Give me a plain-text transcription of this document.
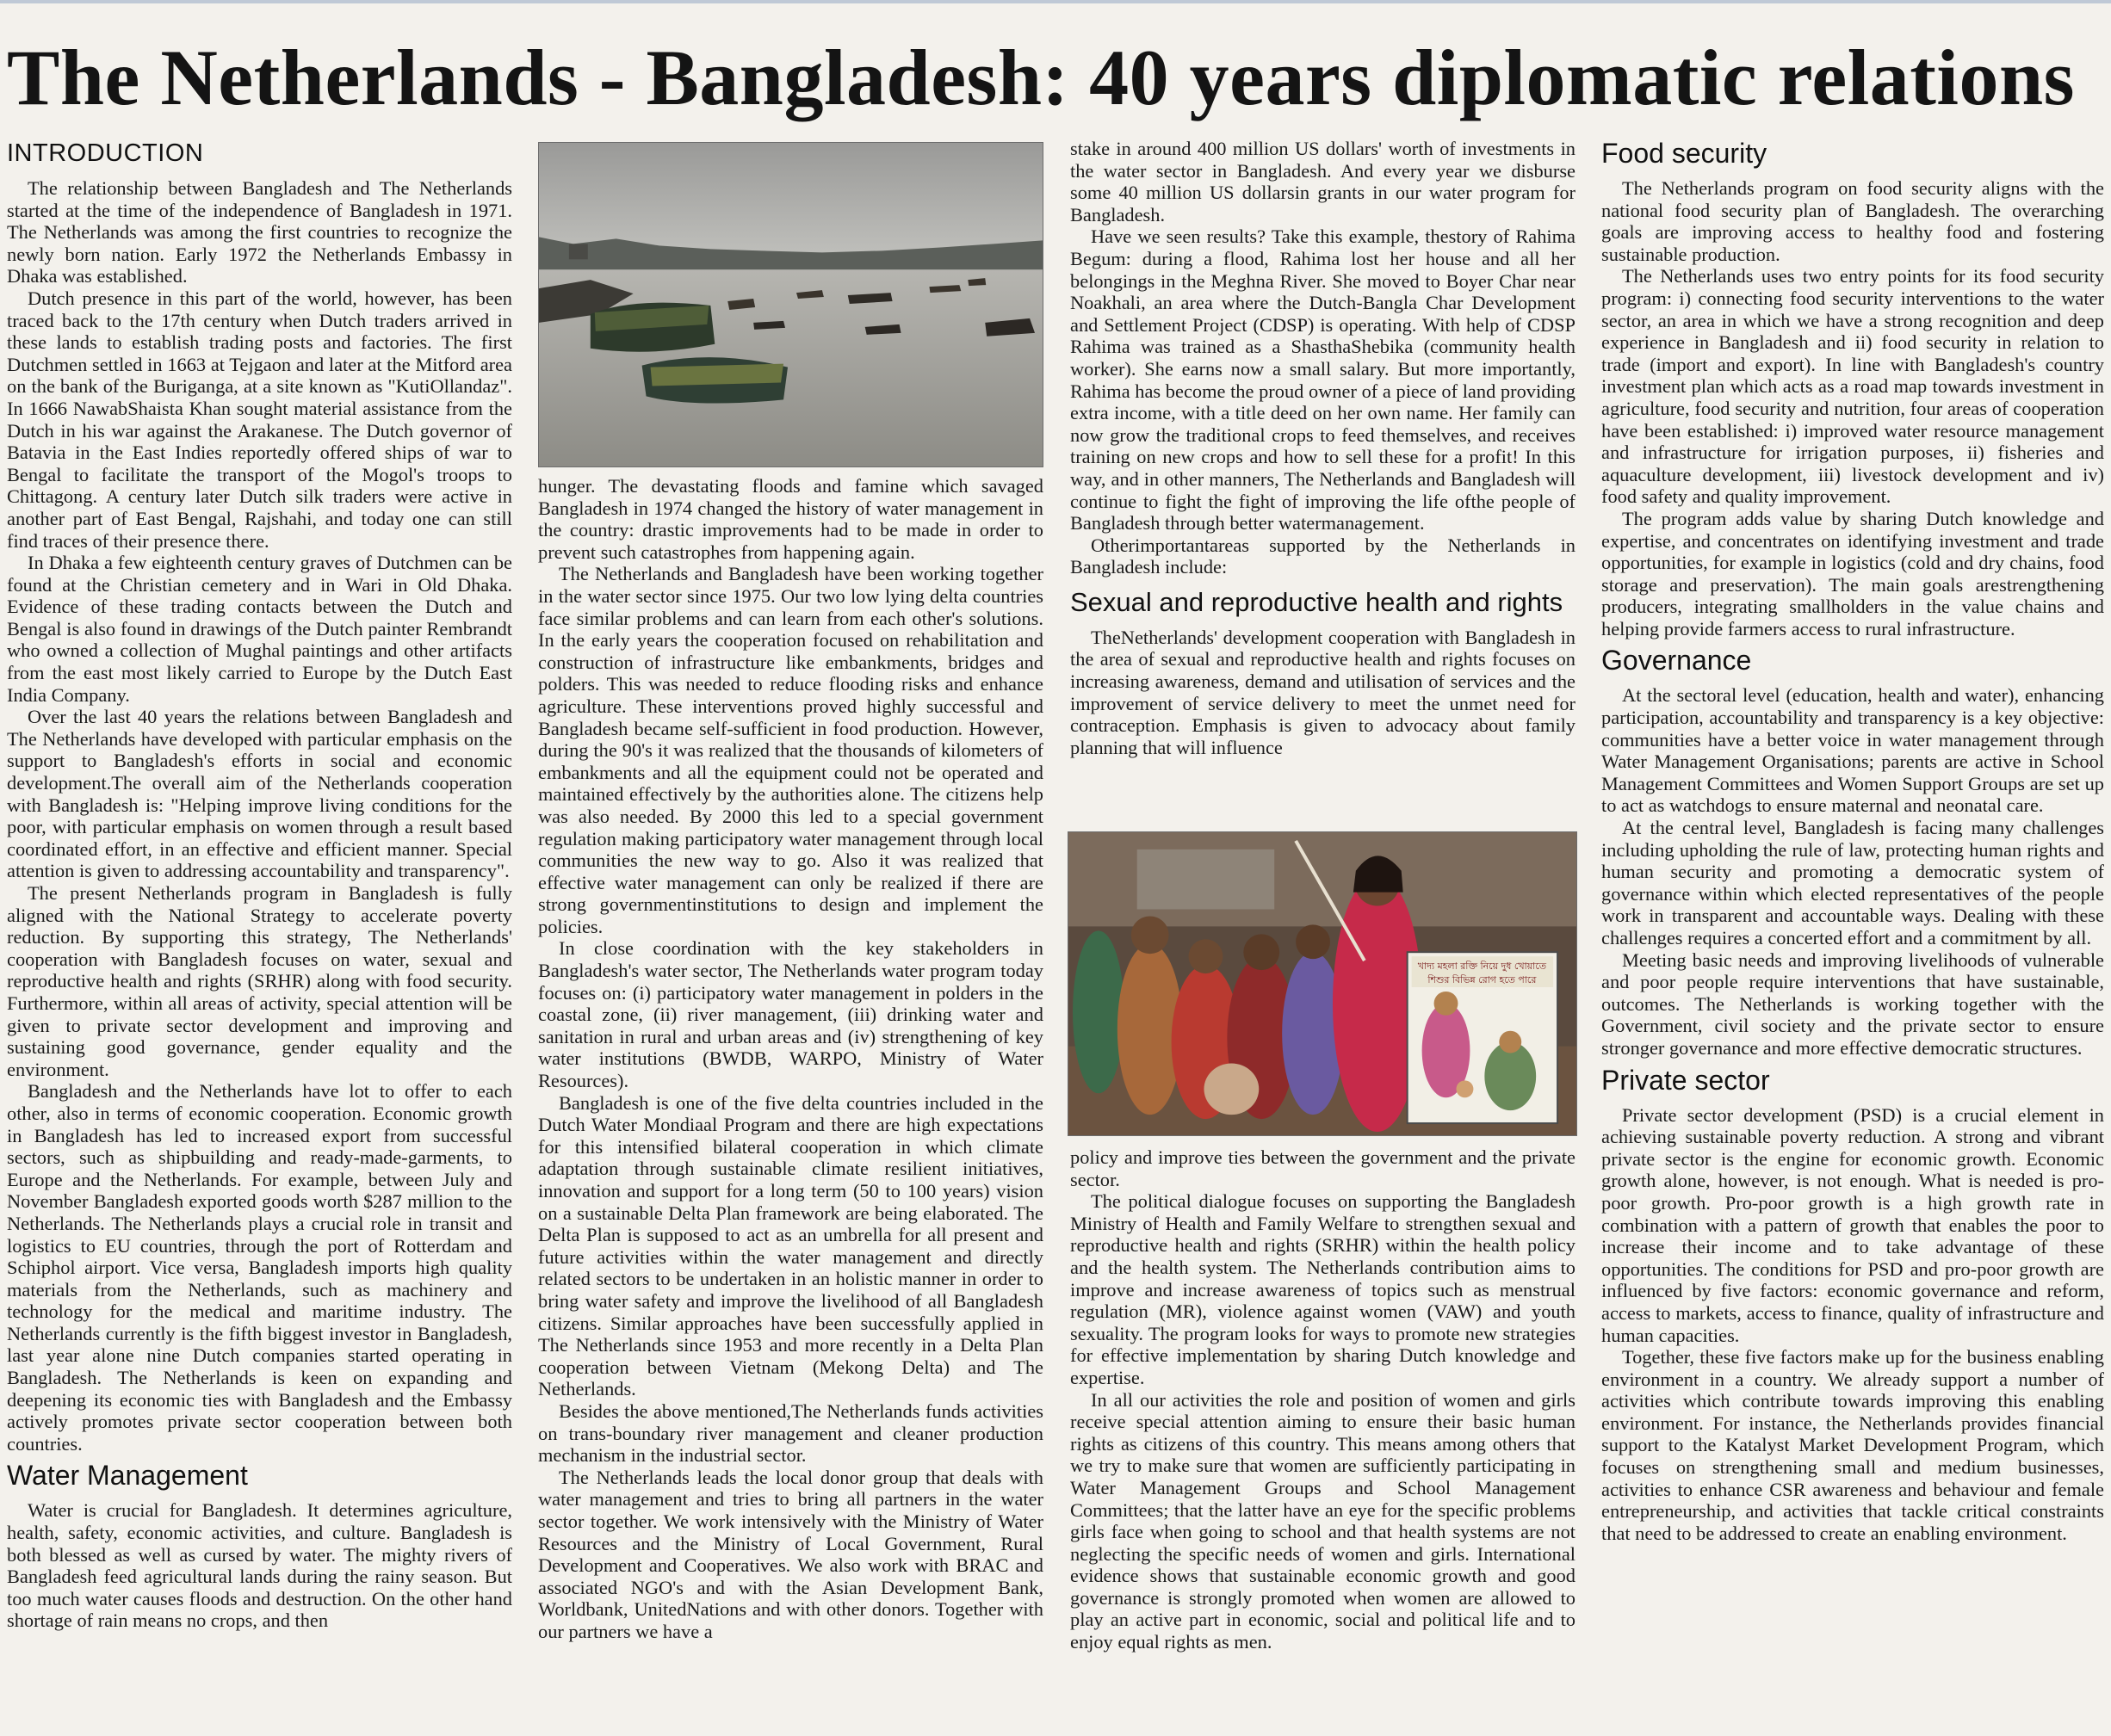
The Netherlands - Bangladesh: 40 years diplomatic relations
INTRODUCTION

The relationship between Bangladesh and The Netherlands started at the time of the independence of Bangladesh in 1971. The Netherlands was among the first countries to recognize the newly born nation. Early 1972 the Netherlands Embassy in Dhaka was established.

Dutch presence in this part of the world, however, has been traced back to the 17th century when Dutch traders arrived in these lands to establish trading posts and factories. The first Dutchmen settled in 1663 at Tejgaon and later at the Mitford area on the bank of the Buriganga, at a site known as "KutiOllandaz". In 1666 NawabShaista Khan sought material assistance from the Dutch in his war against the Arakanese. The Dutch governor of Batavia in the East Indies reportedly offered ships of war to Bengal to facilitate the transport of the Mogol's troops to Chittagong. A century later Dutch silk traders were active in another part of East Bengal, Rajshahi, and today one can still find traces of their presence there.

In Dhaka a few eighteenth century graves of Dutchmen can be found at the Christian cemetery and in Wari in Old Dhaka. Evidence of these trading contacts between the Dutch and Bengal is also found in drawings of the Dutch painter Rembrandt who owned a collection of Mughal paintings and other artifacts from the east most likely carried to Europe by the Dutch East India Company.

Over the last 40 years the relations between Bangladesh and The Netherlands have developed with particular emphasis on the support to Bangladesh's efforts in social and economic development.The overall aim of the Netherlands cooperation with Bangladesh is: "Helping improve living conditions for the poor, with particular emphasis on women through a result based coordinated effort, in an effective and efficient manner. Special attention is given to addressing accountability and transparency".

The present Netherlands program in Bangladesh is fully aligned with the National Strategy to accelerate poverty reduction. By supporting this strategy, The Netherlands' cooperation with Bangladesh focuses on water, sexual and reproductive health and rights (SRHR) along with food security. Furthermore, within all areas of activity, special attention will be given to private sector development and improving and sustaining good governance, gender equality and the environment.

Bangladesh and the Netherlands have lot to offer to each other, also in terms of economic cooperation. Economic growth in Bangladesh has led to increased export from successful sectors, such as shipbuilding and ready-made-garments, to Europe and the Netherlands. For example, between July and November Bangladesh exported goods worth $287 million to the Netherlands. The Netherlands plays a crucial role in transit and logistics to EU countries, through the port of Rotterdam and Schiphol airport. Vice versa, Bangladesh imports high quality materials from the Netherlands, such as machinery and technology for the medical and maritime industry. The Netherlands currently is the fifth biggest investor in Bangladesh, last year alone nine Dutch companies started operating in Bangladesh. The Netherlands is keen on expanding and deepening its economic ties with Bangladesh and the Embassy actively promotes private sector cooperation between both countries.

Water Management

Water is crucial for Bangladesh. It determines agriculture, health, safety, economic activities, and culture. Bangladesh is both blessed as well as cursed by water. The mighty rivers of Bangladesh feed agricultural lands during the rainy season. But too much water causes floods and destruction. On the other hand shortage of rain means no crops, and then

hunger. The devastating floods and famine which savaged Bangladesh in 1974 changed the history of water management in the country: drastic improvements had to be made in order to prevent such catastrophes from happening again.

The Netherlands and Bangladesh have been working together in the water sector since 1975. Our two low lying delta countries face similar problems and can learn from each other's solutions. In the early years the cooperation focused on rehabilitation and construction of infrastructure like embankments, bridges and polders. This was needed to reduce flooding risks and enhance agriculture. These interventions proved highly successful and Bangladesh became self-sufficient in food production. However, during the 90's it was realized that the thousands of kilometers of embankments and all the equipment could not be operated and maintained effectively by the authorities alone. The citizens help was also needed. By 2000 this led to a special government regulation making participatory water management through local communities the new way to go. Also it was realized that effective water management can only be realized if there are strong governmentinstitutions to design and implement the policies.

In close coordination with the key stakeholders in Bangladesh's water sector, The Netherlands water program today focuses on: (i) participatory water management in polders in the coastal zone, (ii) river management, (iii) drinking water and sanitation in rural and urban areas and (iv) strengthening of key water institutions (BWDB, WARPO, Ministry of Water Resources).

Bangladesh is one of the five delta countries included in the Dutch Water Mondiaal Program and there are high expectations for this intensified bilateral cooperation in which climate adaptation through sustainable climate resilient initiatives, innovation and support for a long term (50 to 100 years) vision on a sustainable Delta Plan framework are being elaborated. The Delta Plan is supposed to act as an umbrella for all present and future activities within the water management and directly related sectors to be undertaken in an holistic manner in order to bring water safety and improve the livelihood of all Bangladesh citizens. Similar approaches have been successfully applied in The Netherlands since 1953 and more recently in a Delta Plan cooperation between Vietnam (Mekong Delta) and The Netherlands.

Besides the above mentioned,The Netherlands funds activities on trans-boundary river management and cleaner production mechanism in the industrial sector.

The Netherlands leads the local donor group that deals with water management and tries to bring all partners in the water sector together. We work intensively with the Ministry of Water Resources and the Ministry of Local Government, Rural Development and Cooperatives. We also work with BRAC and associated NGO's and with the Asian Development Bank, Worldbank, UnitedNations and with other donors. Together with our partners we have a

stake in around 400 million US dollars' worth of investments in the water sector in Bangladesh. And every year we disburse some 40 million US dollarsin grants in our water program for Bangladesh.

Have we seen results? Take this example, thestory of Rahima Begum: during a flood, Rahima lost her house and all her belongings in the Meghna River. She moved to Boyer Char near Noakhali, an area where the Dutch-Bangla Char Development and Settlement Project (CDSP) is operating. With help of CDSP Rahima was trained as a ShasthaShebika (community health worker). She earns now a small salary. But more importantly, Rahima has become the proud owner of a piece of land providing extra income, with a title deed on her own name. Her family can now grow the traditional crops to feed themselves, and receives training on new crops and how to sell these for a profit! In this way, and in other manners, The Netherlands and Bangladesh will continue to fight the fight of improving the life ofthe people of Bangladesh through better watermanagement.

Otherimportantareas supported by the Netherlands in Bangladesh include:

Sexual and reproductive health and rights

TheNetherlands' development cooperation with Bangladesh in the area of sexual and reproductive health and rights focuses on increasing awareness, demand and utilisation of services and the improvement of service delivery to meet the unmet need for contraception. Emphasis is given to advocacy about family planning that will influence

খাদ্য মহলা রক্তি নিয়ে দুধ খোয়াতে
শিশুর বিভিন্ন রোগ হতে পারে

policy and improve ties between the government and the private sector.

The political dialogue focuses on supporting the Bangladesh Ministry of Health and Family Welfare to strengthen sexual and reproductive health and rights (SRHR) within the health policy and the health system. The Netherlands contribution aims to improve and increase awareness of topics such as menstrual regulation (MR), violence against women (VAW) and youth sexuality. The program looks for ways to promote new strategies for effective implementation by sharing Dutch knowledge and expertise.

In all our activities the role and position of women and girls receive special attention aiming to ensure their basic human rights as citizens of this country. This means among others that we try to make sure that women are sufficiently participating in Water Management Groups and School Management Committees; that the latter have an eye for the specific problems girls face when going to school and that health systems are not neglecting the specific needs of women and girls. International evidence shows that sustainable economic growth and good governance is strongly promoted when women are allowed to play an active part in economic, social and political life and to enjoy equal rights as men.

Food security

The Netherlands program on food security aligns with the national food security plan of Bangladesh. The overarching goals are improving access to healthy food and fostering sustainable production.

The Netherlands uses two entry points for its food security program: i) connecting food security interventions to the water sector, an area in which we have a strong recognition and deep experience in Bangladesh and ii) food security in relation to trade (import and export). In line with Bangladesh's country investment plan which acts as a road map towards investment in agriculture, food security and nutrition, four areas of cooperation have been established: i) improved water resource management and infrastructure for irrigation purposes, ii) fisheries and aquaculture development, iii) livestock development and iv) food safety and quality improvement.

The program adds value by sharing Dutch knowledge and expertise, and concentrates on identifying investment and trade opportunities, for example in logistics (cold and dry chains, food storage and preservation). The main goals arestrengthening producers, integrating smallholders in the value chains and helping provide farmers access to rural infrastructure.

Governance

At the sectoral level (education, health and water), enhancing participation, accountability and transparency is a key objective: communities have a better voice in water management through Water Management Organisations; parents are active in School Management Committees and Women Support Groups are set up to act as watchdogs to ensure maternal and neonatal care.

At the central level, Bangladesh is facing many challenges including upholding the rule of law, protecting human rights and human security and promoting a democratic system of governance within which elected representatives of the people work in transparent and accountable ways. Dealing with these challenges requires a concerted effort and a commitment by all.

Meeting basic needs and improving livelihoods of vulnerable and poor people require interventions that have sustainable, outcomes. The Netherlands is working together with the Government, civil society and the private sector to ensure stronger governance and more effective democratic structures.

Private sector

Private sector development (PSD) is a crucial element in achieving sustainable poverty reduction. A strong and vibrant private sector is the engine for economic growth. Economic growth alone, however, is not enough. What is needed is pro-poor growth. Pro-poor growth is a high growth rate in combination with a pattern of growth that enables the poor to increase their income and to take advantage of these opportunities. The conditions for PSD and pro-poor growth are influenced by five factors: economic governance and reform, access to markets, access to finance, quality of infrastructure and human capacities.

Together, these five factors make up for the business enabling environment in a country. We already support a number of activities which contribute towards improving this enabling environment. For instance, the Netherlands provides financial support to the Katalyst Market Development Program, which focuses on strengthening small and medium businesses, activities to enhance CSR awareness and behaviour and female entrepreneurship, and activities that tackle critical constraints that need to be addressed to create an enabling environment.
